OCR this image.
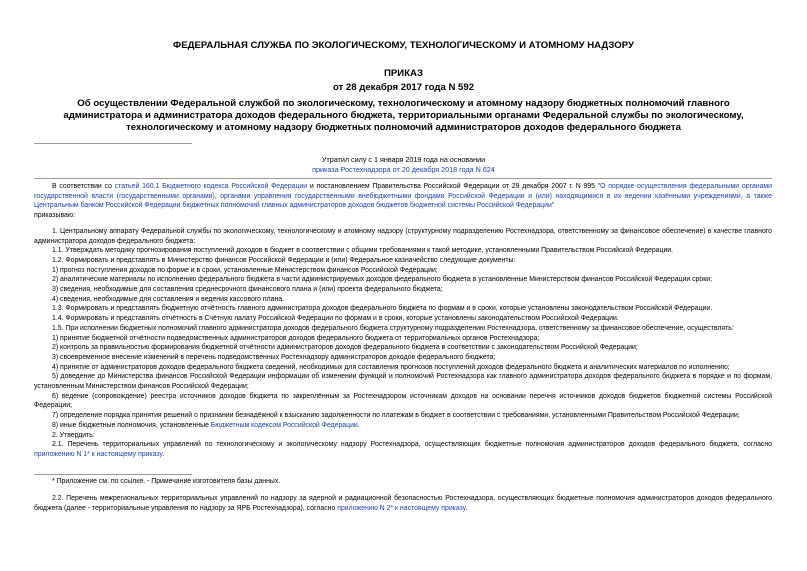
ФЕДЕРАЛЬНАЯ СЛУЖБА ПО ЭКОЛОГИЧЕСКОМУ, ТЕХНОЛОГИЧЕСКОМУ И АТОМНОМУ НАДЗОРУ
ПРИКАЗ
от 28 декабря 2017 года N 592
Об осуществлении Федеральной службой по экологическому, технологическому и атомному надзору бюджетных полномочий главного администратора и администратора доходов федерального бюджета, территориальными органами Федеральной службы по экологическому, технологическому и атомному надзору бюджетных полномочий администраторов доходов федерального бюджета
Утратил силу с 1 января 2019 года на основании
приказа Ростехнадзора от 20 декабря 2018 года N 624

В соответствии со статьей 160.1 Бюджетного кодекса Российской Федерации и постановлением Правительства Российской Федерации от 29 декабря 2007 г. N 995 "О порядке осуществления федеральными органами государственной власти (государственными органами), органами управления государственными внебюджетными фондами Российской Федерации и (или) находящимися в их ведении казёнными учреждениями, а также Центральным банком Российской Федерации бюджетных полномочий главных администраторов доходов бюджетов бюджетной системы Российской Федерации"

приказываю:

1. Центральному аппарату Федеральной службы по экологическому, технологическому и атомному надзору (структурному подразделению Ростехнадзора, ответственному за финансовое обеспечение) в качестве главного администратора доходов федерального бюджета:

1.1. Утверждать методику прогнозирования поступлений доходов в бюджет в соответствии с общими требованиями к такой методике, установленными Правительством Российской Федерации.

1.2. Формировать и представлять в Министерство финансов Российской Федерации и (или) Федеральное казначейство следующие документы:

1) прогноз поступления доходов по форме и в сроки, установленные Министерством финансов Российской Федерации;

2) аналитические материалы по исполнению федерального бюджета в части администрируемых доходов федерального бюджета в установленные Министерством финансов Российской Федерации сроки;

3) сведения, необходимые для составления среднесрочного финансового плана и (или) проекта федерального бюджета;

4) сведения, необходимые для составления и ведения кассового плана.

1.3. Формировать и представлять бюджетную отчётность главного администратора доходов федерального бюджета по формам и в сроки, которые установлены законодательством Российской Федерации.

1.4. Формировать и представлять отчётность в Счётную палату Российской Федерации по формам и в сроки, которые установлены законодательством Российской Федерации.

1.5. При исполнении бюджетных полномочий главного администратора доходов федерального бюджета структурному подразделению Ростехнадзора, ответственному за финансовое обеспечение, осуществлять:

1) принятие бюджетной отчётности подведомственных администраторов доходов федерального бюджета от территориальных органов Ростехнадзора;

2) контроль за правильностью формирования бюджетной отчётности администраторов доходов федерального бюджета в соответствии с законодательством Российской Федерации;

3) своевременное внесение изменений в перечень подведомственных Ростехнадзору администраторов доходов федерального бюджета;

4) принятие от администраторов доходов федерального бюджета сведений, необходимых для составления прогнозов поступлений доходов федерального бюджета и аналитических материалов по исполнению;

5) доведение до Министерства финансов Российской Федерации информации об изменении функций и полномочий Ростехнадзора как главного администратора доходов федерального бюджета в порядке и по формам, установленным Министерством финансов Российской Федерации;

6) ведение (сопровождение) реестра источников доходов бюджета по закреплённым за Ростехнадзором источникам доходов на основании перечня источников доходов бюджетов бюджетной системы Российской Федерации;

7) определение порядка принятия решений о признании безнадёжной к взысканию задолженности по платежам в бюджет в соответствии с требованиями, установленными Правительством Российской Федерации;

8) иные бюджетные полномочия, установленные Бюджетным кодексом Российской Федерации.

2. Утвердить:

2.1. Перечень территориальных управлений по технологическому и экологическому надзору Ростехнадзора, осуществляющих бюджетные полномочия администраторов доходов федерального бюджета, согласно приложению N 1* к настоящему приказу.

* Приложение см. по ссылке. - Примечание изготовителя базы данных.

2.2. Перечень межрегиональных территориальных управлений по надзору за ядерной и радиационной безопасностью Ростехнадзора, осуществляющих бюджетные полномочия администраторов доходов федерального бюджета (далее - территориальные управления по надзору за ЯРБ Ростехнадзора), согласно приложению N 2* к настоящему приказу.
